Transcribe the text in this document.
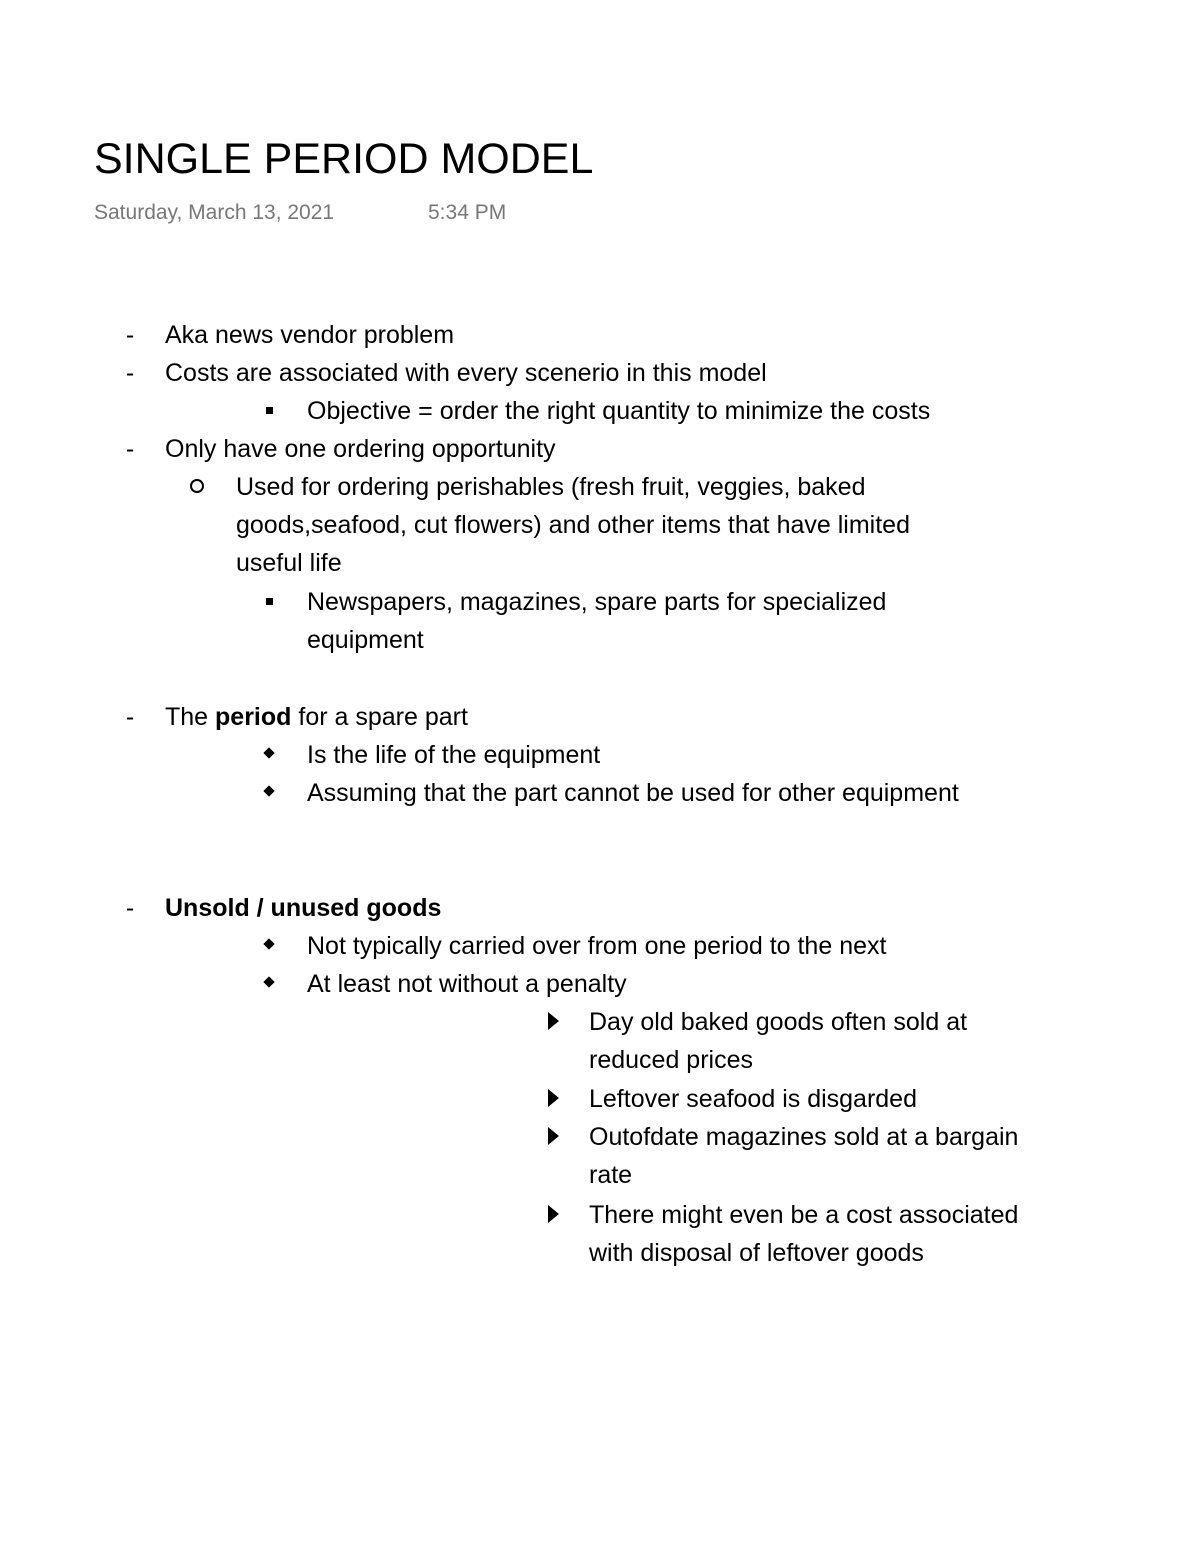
SINGLE PERIOD MODEL
Saturday, March 13, 2021	5:34 PM
-	Aka news vendor problem
-	Costs are associated with every scenerio in this model
Objective = order the right quantity to minimize the costs
-	Only have one ordering opportunity
Used for ordering perishables (fresh fruit, veggies, baked
goods,seafood, cut flowers) and other items that have limited
useful life
Newspapers, magazines, spare parts for specialized
equipment
-	The period for a spare part
Is the life of the equipment
Assuming that the part cannot be used for other equipment
-	Unsold / unused goods
Not typically carried over from one period to the next
At least not without a penalty
Day old baked goods often sold at
reduced prices
Leftover seafood is disgarded
Outofdate magazines sold at a bargain
rate
There might even be a cost associated
with disposal of leftover goods
